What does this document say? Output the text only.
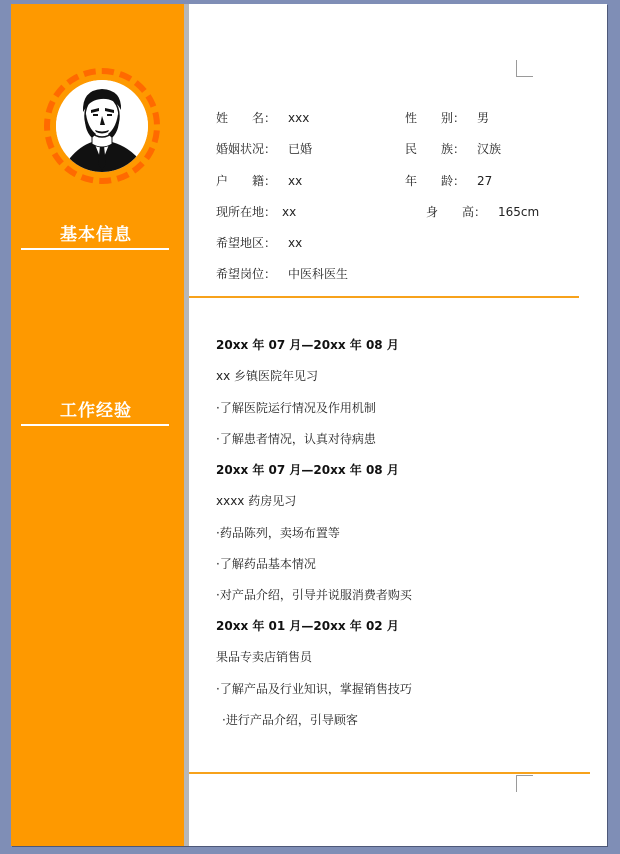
基本信息
工作经验
姓　　名： xxx	性　　别： 男
婚姻状况： 已婚	民　　族： 汉族
户　　籍： xx	年　　龄： 27
现所在地： xx	身　　高： 165cm
希望地区： xx
希望岗位： 中医科医生
20xx 年 07 月—20xx 年 08 月
xx 乡镇医院年见习
·了解医院运行情况及作用机制
·了解患者情况，认真对待病患
20xx 年 07 月—20xx 年 08 月
xxxx 药房见习
·药品陈列，卖场布置等
·了解药品基本情况
·对产品介绍，引导并说服消费者购买
20xx 年 01 月—20xx 年 02 月
果品专卖店销售员
·了解产品及行业知识，掌握销售技巧
·进行产品介绍，引导顾客
